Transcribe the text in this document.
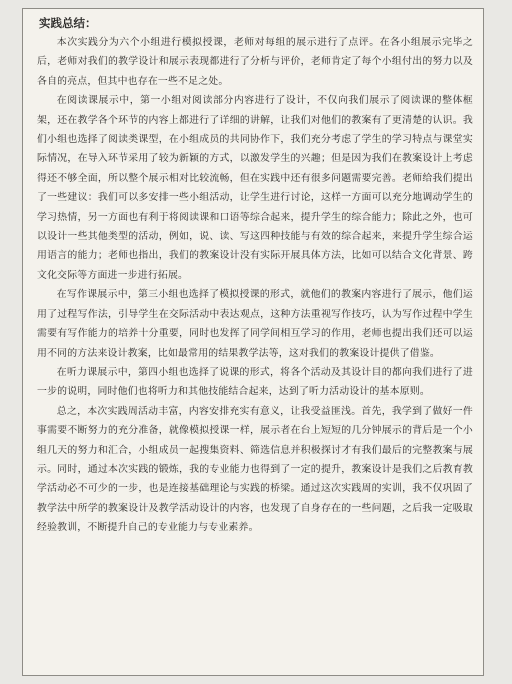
实践总结：

本次实践分为六个小组进行模拟授课，老师对每组的展示进行了点评。在各小组展示完毕之后，老师对我们的教学设计和展示表现都进行了分析与评价，老师肯定了每个小组付出的努力以及各自的亮点，但其中也存在一些不足之处。

在阅读课展示中，第一小组对阅读部分内容进行了设计，不仅向我们展示了阅读课的整体框架，还在教学各个环节的内容上都进行了详细的讲解，让我们对他们的教案有了更清楚的认识。我们小组也选择了阅读类课型，在小组成员的共同协作下，我们充分考虑了学生的学习特点与课堂实际情况，在导入环节采用了较为新颖的方式，以激发学生的兴趣；但是因为我们在教案设计上考虑得还不够全面，所以整个展示相对比较流畅，但在实践中还有很多问题需要完善。老师给我们提出了一些建议：我们可以多安排一些小组活动，让学生进行讨论，这样一方面可以充分地调动学生的学习热情，另一方面也有利于将阅读课和口语等综合起来，提升学生的综合能力；除此之外，也可以设计一些其他类型的活动，例如，说、读、写这四种技能与有效的综合起来，来提升学生综合运用语言的能力；老师也指出，我们的教案设计没有实际开展具体方法，比如可以结合文化背景、跨文化交际等方面进一步进行拓展。

在写作课展示中，第三小组也选择了模拟授课的形式，就他们的教案内容进行了展示，他们运用了过程写作法，引导学生在交际活动中表达观点，这种方法重视写作技巧，认为写作过程中学生需要有写作能力的培养十分重要，同时也发挥了同学间相互学习的作用，老师也提出我们还可以运用不同的方法来设计教案，比如最常用的结果教学法等，这对我们的教案设计提供了借鉴。

在听力课展示中，第四小组也选择了说课的形式，将各个活动及其设计目的都向我们进行了进一步的说明，同时他们也将听力和其他技能结合起来，达到了听力活动设计的基本原则。

总之，本次实践周活动丰富，内容安排充实有意义，让我受益匪浅。首先，我学到了做好一件事需要不断努力的充分准备，就像模拟授课一样，展示者在台上短短的几分钟展示的背后是一个小组几天的努力和汇合，小组成员一起搜集资料、筛选信息并积极探讨才有我们最后的完整教案与展示。同时，通过本次实践的锻炼，我的专业能力也得到了一定的提升，教案设计是我们之后教育教学活动必不可少的一步，也是连接基础理论与实践的桥梁。通过这次实践周的实训，我不仅巩固了教学法中所学的教案设计及教学活动设计的内容，也发现了自身存在的一些问题，之后我一定吸取经验教训，不断提升自己的专业能力与专业素养。
